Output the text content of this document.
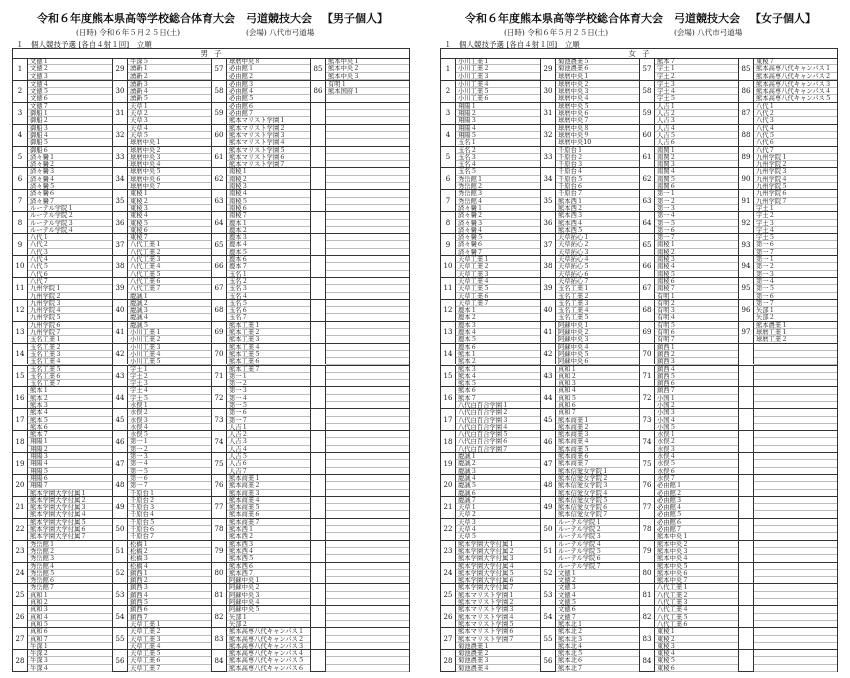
令和６年度熊本県高等学校総合体育大会　弓道競技大会 【男子個人】
(日時) 令和６年５月２５日(土)	(会場) 八代市弓道場
１　個人競技予選 [各自４射１回]　立順
男 子
1
文徳１
文徳２
文徳３
2
文徳４
文徳５
文徳６
3
文徳７
御船１
御船２
4
御船３
御船４
御船５
5
御船６
済々黌１
済々黌２
6
済々黌３
済々黌４
済々黌５
7
済々黌６
済々黌７
ルーテル学院１
8
ルーテル学院２
ルーテル学院３
ルーテル学院４
9
八代１
八代２
八代３
10
八代４
八代５
八代６
11
八代７
九州学院１
九州学院２
12
九州学院３
九州学院４
九州学院５
13
九州学院６
九州学院７
玉名工業１
14
玉名工業２
玉名工業３
玉名工業４
15
玉名工業５
玉名工業６
玉名工業７
16
熊本１
熊本２
熊本３
17
熊本４
熊本５
熊本６
18
熊本７
翔陽１
翔陽２
19
翔陽３
翔陽４
翔陽５
20
翔陽６
翔陽７
熊本学園大学付属１
21
熊本学園大学付属２
熊本学園大学付属３
熊本学園大学付属４
22
熊本学園大学付属５
熊本学園大学付属６
熊本学園大学付属７
23
秀岳館１
秀岳館２
秀岳館３
24
秀岳館４
秀岳館５
秀岳館６
25
秀岳館７
真和１
真和２
26
真和３
真和４
真和５
27
真和６
真和７
牛深１
28
牛深２
牛深３
牛深４
29
牛深５
湧新１
湧新２
30
湧新３
湧新４
湧新５
31
天草１
天草２
天草３
32
天草４
天草５
球磨中央１
33
球磨中央２
球磨中央３
球磨中央４
34
球磨中央５
球磨中央６
球磨中央７
35
東稜１
東稜２
東稜３
36
東稜４
東稜５
東稜６
37
東稜７
八代工業１
八代工業２
38
八代工業３
八代工業４
八代工業５
39
八代工業６
八代工業７
慶誠１
40
慶誠２
慶誠３
慶誠４
41
慶誠５
小川工業１
小川工業２
42
小川工業３
小川工業４
小川工業５
43
宇土１
宇土２
宇土３
44
宇土４
宇土５
水俣１
45
水俣２
水俣３
水俣４
46
水俣５
第一１
第一２
47
第一３
第一４
第一５
48
第一６
第一７
千原台１
49
千原台２
千原台３
千原台４
50
千原台５
千原台６
千原台７
51
松橋１
松橋２
松橋３
52
松橋４
鎮西１
鎮西２
53
鎮西３
鎮西４
鎮西５
54
鎮西６
鎮西７
天草工業１
55
天草工業２
天草工業３
天草工業４
56
天草工業５
天草工業６
天草工業７
57
球磨中央８
必由館１
必由館２
58
必由館３
必由館４
必由館５
59
必由館６
必由館７
熊本マリスト学園１
60
熊本マリスト学園２
熊本マリスト学園３
熊本マリスト学園４
61
熊本マリスト学園５
熊本マリスト学園６
熊本マリスト学園７
62
南稜１
南稜２
南稜３
63
南稜４
南稜５
南稜６
64
南稜７
鹿本１
鹿本２
65
鹿本３
鹿本４
鹿本５
66
鹿本６
鹿本７
玉名１
67
玉名２
玉名３
玉名４
68
玉名５
玉名６
玉名７
69
熊本工業１
熊本工業２
熊本工業３
70
熊本工業４
熊本工業５
熊本工業６
71
熊本工業７
第一１
第一２
72
第一３
第一４
第一５
73
第一６
第一７
人吉１
74
人吉２
人吉３
人吉４
75
人吉５
人吉６
人吉７
76
熊本商業１
熊本商業２
熊本商業３
77
熊本商業４
熊本商業５
熊本商業６
78
熊本商業７
熊本西１
熊本西２
79
熊本西３
熊本西４
熊本西５
80
熊本西６
熊本西７
阿蘇中央１
81
阿蘇中央２
阿蘇中央３
阿蘇中央４
82
阿蘇中央５
矢部１
矢部２
83
熊本高専八代キャンパス１
熊本高専八代キャンパス２
熊本高専八代キャンパス３
84
熊本高専八代キャンパス４
熊本高専八代キャンパス５
熊本高専八代キャンパス６
85
熊本中央１
熊本中央２
熊本中央３
86
有明１
熊本国府１
令和６年度熊本県高等学校総合体育大会　弓道競技大会 【女子個人】
(日時) 令和６年５月２５日(土)	(会場) 八代市弓道場
１　個人競技予選 [各自４射１回]　立順
女 子
1
小川工業１
小川工業２
小川工業３
2
小川工業４
小川工業５
小川工業６
3
翔陽１
翔陽２
翔陽３
4
翔陽４
翔陽５
玉名１
5
玉名２
玉名３
玉名４
6
玉名５
秀岳館１
秀岳館２
7
秀岳館３
秀岳館４
済々黌１
8
済々黌２
済々黌３
済々黌４
9
済々黌５
済々黌６
済々黌７
10
天草工業１
天草工業２
天草工業３
11
天草工業４
天草工業５
天草工業６
12
天草工業７
鹿本１
鹿本２
13
鹿本３
鹿本４
鹿本５
14
鹿本６
熊本１
熊本２
15
熊本３
熊本４
熊本５
16
熊本６
熊本７
八代白百合学園１
17
八代白百合学園２
八代白百合学園３
八代白百合学園４
18
八代白百合学園５
八代白百合学園６
八代白百合学園７
19
慶誠１
慶誠２
慶誠３
20
慶誠４
慶誠５
慶誠６
21
慶誠７
天草１
天草２
22
天草３
天草４
天草５
23
熊本学園大学付属１
熊本学園大学付属２
熊本学園大学付属３
24
熊本学園大学付属４
熊本学園大学付属５
熊本学園大学付属６
25
熊本学園大学付属７
熊本マリスト学園１
熊本マリスト学園２
26
熊本マリスト学園３
熊本マリスト学園４
熊本マリスト学園５
27
熊本マリスト学園６
熊本マリスト学園７
菊池農業１
28
菊池農業２
菊池農業３
菊池農業４
29
菊池農業５
菊池農業６
球磨中央１
30
球磨中央２
球磨中央３
球磨中央４
31
球磨中央５
球磨中央６
球磨中央７
32
球磨中央８
球磨中央９
球磨中央10
33
千原台１
千原台２
千原台３
34
千原台４
千原台５
千原台６
35
千原台７
熊本西１
熊本西２
36
熊本西３
熊本西４
熊本西５
37
天草拓心１
天草拓心２
天草拓心３
38
天草拓心４
天草拓心５
天草拓心６
39
天草拓心７
玉名工業１
玉名工業２
40
玉名工業３
玉名工業４
玉名工業５
41
阿蘇中央１
阿蘇中央２
阿蘇中央３
42
阿蘇中央４
阿蘇中央５
阿蘇中央６
43
真和１
真和２
真和３
44
真和４
真和５
真和６
45
真和７
熊本商業１
熊本商業２
46
熊本商業３
熊本商業４
熊本商業５
47
熊本商業６
熊本商業７
熊本信愛女学院１
48
熊本信愛女学院２
熊本信愛女学院３
熊本信愛女学院４
49
熊本信愛女学院５
熊本信愛女学院６
熊本信愛女学院７
50
ルーテル学院１
ルーテル学院２
ルーテル学院３
51
ルーテル学院４
ルーテル学院５
ルーテル学院６
52
ルーテル学院７
文徳１
文徳２
53
文徳３
文徳４
文徳５
54
文徳６
文徳７
熊本北１
55
熊本北２
熊本北３
熊本北４
56
熊本北５
熊本北６
熊本北７
57
熊本７
宇土１
宇土２
58
宇土３
宇土４
宇土５
59
人吉１
人吉２
人吉３
60
人吉４
人吉５
人吉６
61
南関１
南関２
南関３
62
南関４
南関５
南関６
63
第一１
第一２
第一３
64
第一４
第一５
第一６
65
第一７
南稜１
南稜２
66
南稜３
南稜４
南稜５
67
南稜６
南稜７
有明１
68
有明２
有明３
有明４
69
有明５
有明６
有明７
70
鎮西１
鎮西２
鎮西３
71
鎮西４
鎮西５
鎮西６
72
鎮西７
小国１
小国２
73
小国３
小国４
小国５
74
水俣１
水俣２
水俣３
75
水俣４
水俣５
水俣６
76
水俣７
必由館１
必由館２
77
必由館３
必由館４
必由館５
78
必由館６
必由館７
熊本中央１
79
熊本中央２
熊本中央３
熊本中央４
80
熊本中央５
熊本中央６
熊本中央７
81
八代工業１
八代工業２
八代工業３
82
八代工業４
八代工業５
八代工業６
83
東稜１
東稜２
東稜３
84
東稜４
東稜５
東稜６
85
東稜７
熊本高専八代キャンパス１
熊本高専八代キャンパス２
86
熊本高専八代キャンパス３
熊本高専八代キャンパス４
熊本高専八代キャンパス５
87
八代１
八代２
八代３
88
八代４
八代５
八代６
89
八代７
九州学院１
九州学院２
90
九州学院３
九州学院４
九州学院５
91
九州学院６
九州学院７
宇土１
92
宇土２
宇土３
宇土４
93
宇土５
第一６
第一７
94
第一１
第一２
第一３
95
第一４
第一５
第一６
96
第一７
矢部１
矢部２
97
熊本農業１
球磨工業１
球磨工業２
